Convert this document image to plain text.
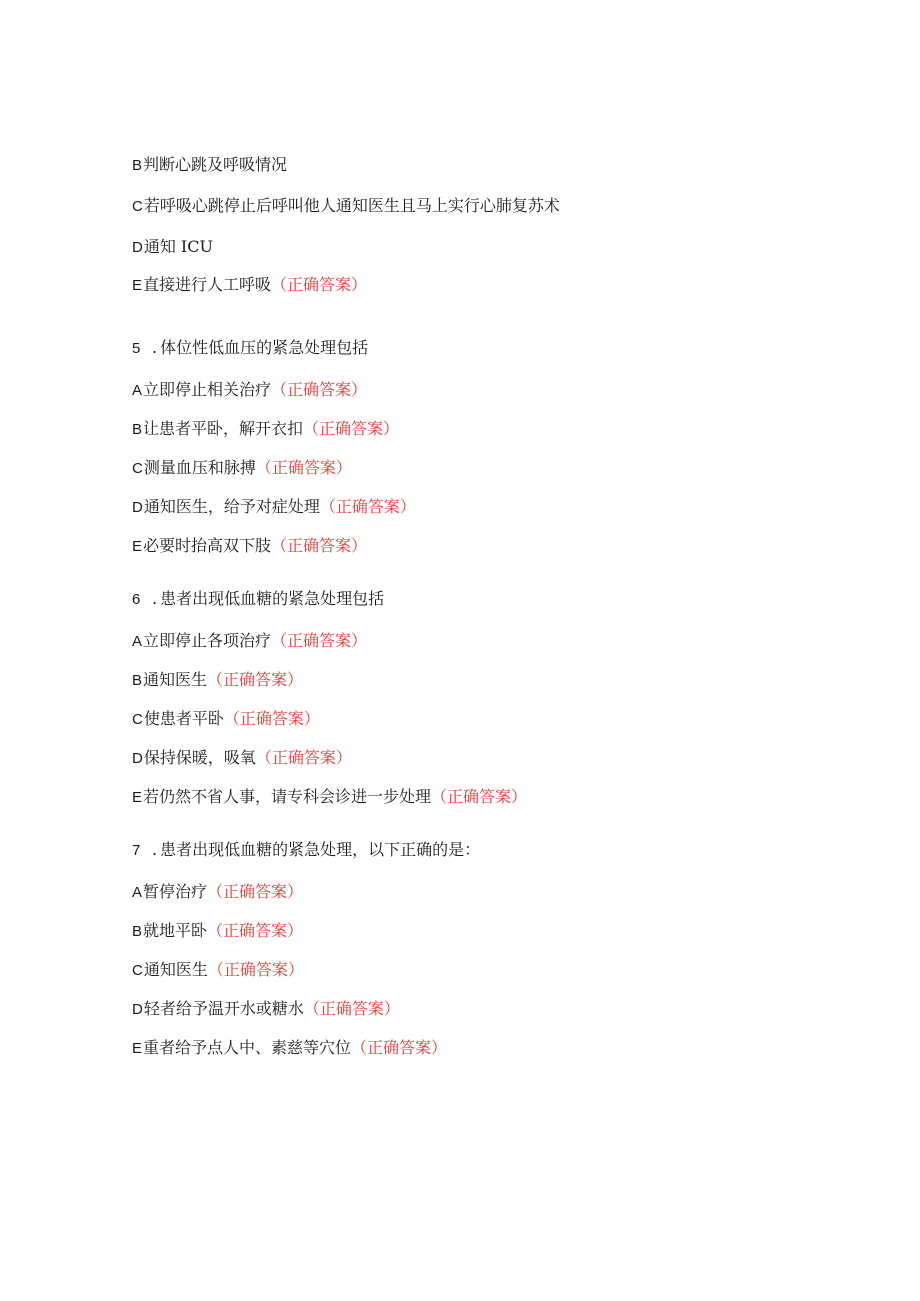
B判断心跳及呼吸情况
C若呼吸心跳停止后呼叫他人通知医生且马上实行心肺复苏术
D通知 ICU
E直接进行人工呼吸（正确答案）
5 . 体位性低血压的紧急处理包括
A立即停止相关治疗（正确答案）
B让患者平卧，解开衣扣（正确答案）
C测量血压和脉搏（正确答案）
D通知医生，给予对症处理（正确答案）
E必要时抬高双下肢（正确答案）
6 . 患者出现低血糖的紧急处理包括
A立即停止各项治疗（正确答案）
B通知医生（正确答案）
C使患者平卧（正确答案）
D保持保暖，吸氧（正确答案）
E若仍然不省人事，请专科会诊进一步处理（正确答案）
7 . 患者出现低血糖的紧急处理，以下正确的是：
A暂停治疗（正确答案）
B就地平卧（正确答案）
C通知医生（正确答案）
D轻者给予温开水或糖水（正确答案）
E重者给予点人中、素慈等穴位（正确答案）
